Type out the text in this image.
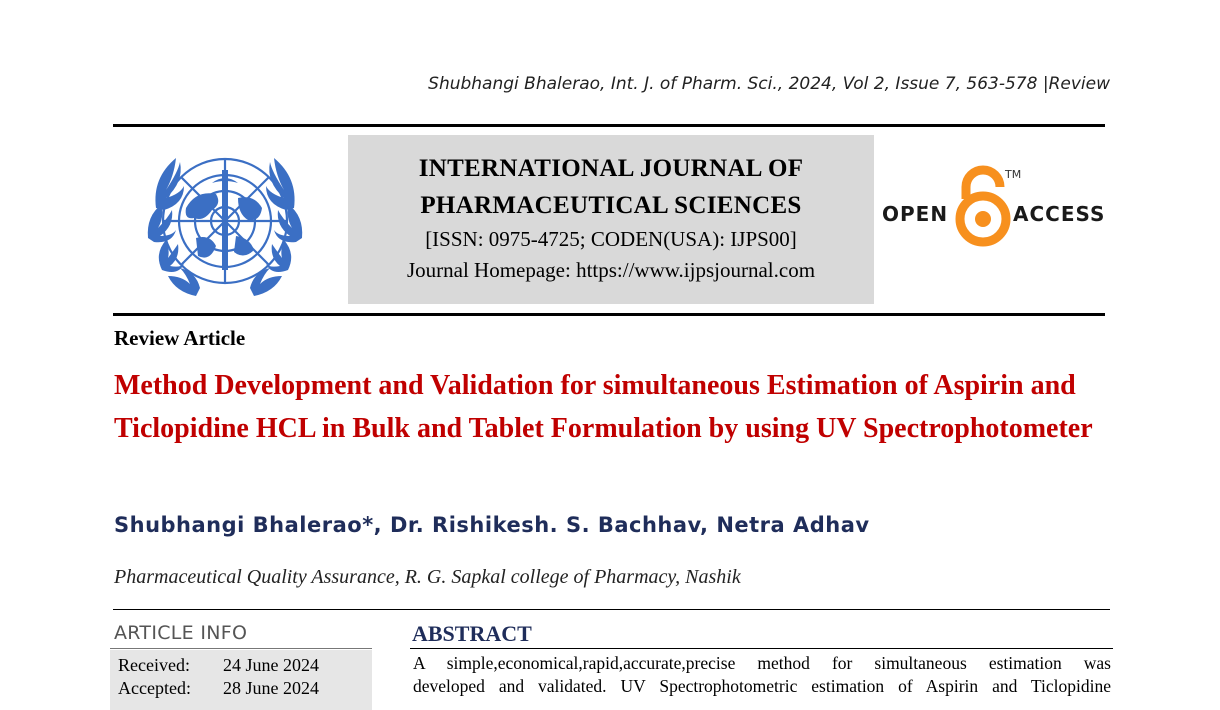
Shubhangi Bhalerao, Int. J. of Pharm. Sci., 2024, Vol 2, Issue 7, 563-578 |Review
INTERNATIONAL JOURNAL OF
PHARMACEUTICAL SCIENCES
[ISSN: 0975-4725; CODEN(USA): IJPS00]
Journal Homepage: https://www.ijpsjournal.com
OPEN	ACCESS
TM
Review Article
Method Development and Validation for simultaneous Estimation of Aspirin and Ticlopidine HCL in Bulk and Tablet Formulation by using UV Spectrophotometer
Shubhangi Bhalerao*, Dr. Rishikesh. S. Bachhav, Netra Adhav
Pharmaceutical Quality Assurance, R. G. Sapkal college of Pharmacy, Nashik
ARTICLE INFO
Received: 24 June 2024
Accepted: 28 June 2024
ABSTRACT
A simple,economical,rapid,accurate,precise method for simultaneous estimation was
developed and validated. UV Spectrophotometric estimation of Aspirin and Ticlopidine
